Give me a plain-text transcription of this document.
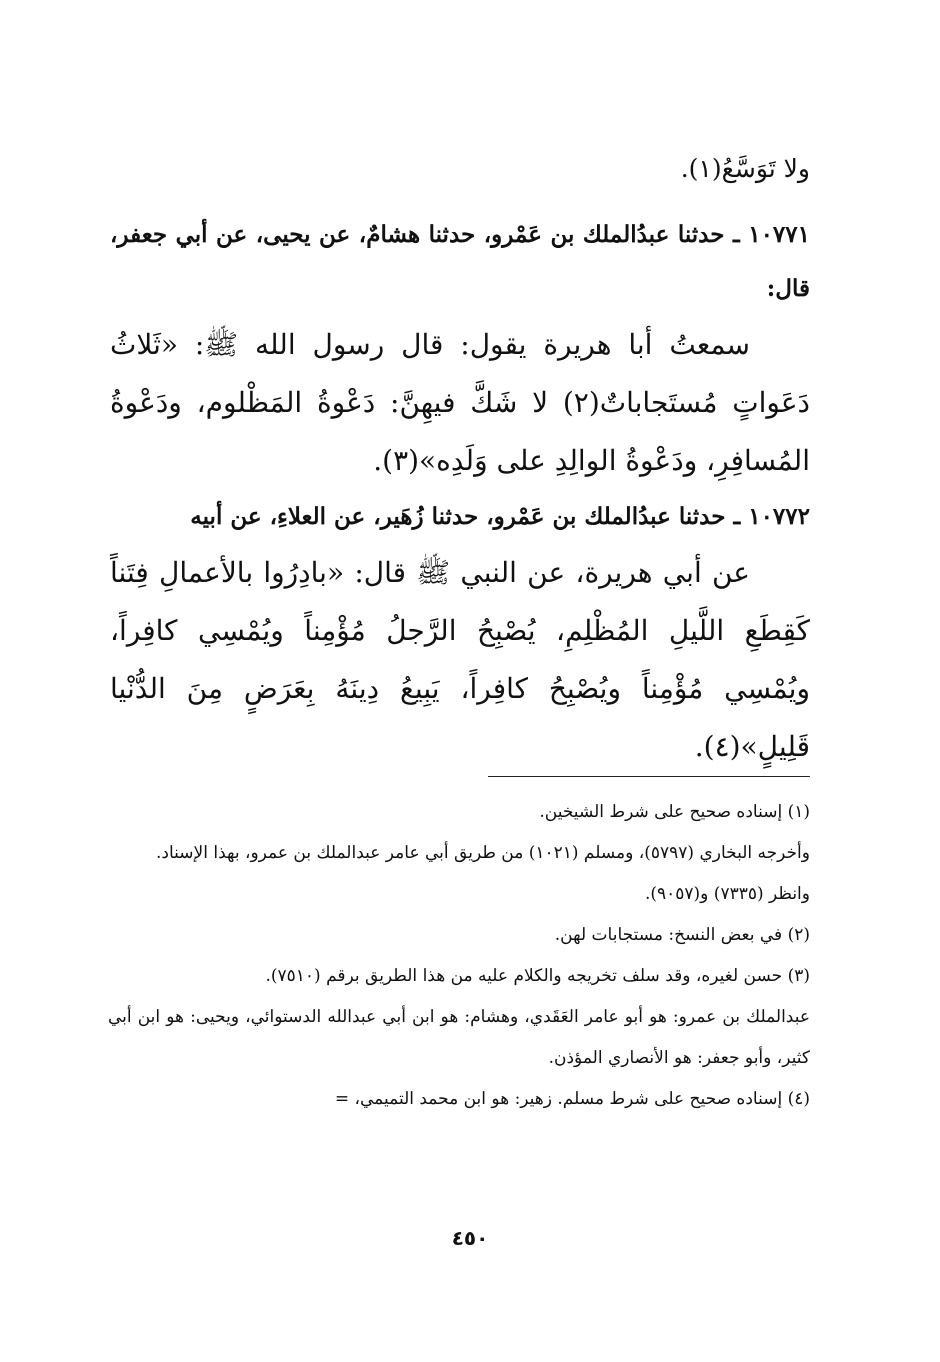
ولا تَوَسَّعُ(١).

١٠٧٧١ ـ حدثنا عبدُالملك بن عَمْرو، حدثنا هشامٌ، عن يحيى، عن أبي جعفر، قال:

سمعتُ أبا هريرة يقول: قال رسول الله ﷺ: «ثَلاثُ دَعَواتٍ مُستَجاباتٌ(٢) لا شَكَّ فيهِنَّ: دَعْوةُ المَظْلوم، ودَعْوةُ المُسافِرِ، ودَعْوةُ الوالِدِ على وَلَدِه»(٣).

١٠٧٧٢ ـ حدثنا عبدُالملك بن عَمْرو، حدثنا زُهَير، عن العلاءِ، عن أبيه

عن أبي هريرة، عن النبي ﷺ قال: «بادِرُوا بالأعمالِ فِتَناً كَقِطَعِ اللَّيلِ المُظْلِمِ، يُصْبِحُ الرَّجلُ مُؤْمِناً ويُمْسِي كافِراً، ويُمْسِي مُؤْمِناً ويُصْبِحُ كافِراً، يَبِيعُ دِينَهُ بِعَرَضٍ مِنَ الدُّنْيا قَلِيلٍ»(٤).

(١) إسناده صحيح على شرط الشيخين.

وأخرجه البخاري (٥٧٩٧)، ومسلم (١٠٢١) من طريق أبي عامر عبدالملك بن عمرو، بهذا الإسناد.

وانظر (٧٣٣٥) و(٩٠٥٧).

(٢) في بعض النسخ: مستجابات لهن.

(٣) حسن لغيره، وقد سلف تخريجه والكلام عليه من هذا الطريق برقم (٧٥١٠).

عبدالملك بن عمرو: هو أبو عامر العَقَدي، وهشام: هو ابن أبي عبدالله الدستوائي، ويحيى: هو ابن أبي كثير، وأبو جعفر: هو الأنصاري المؤذن.

(٤) إسناده صحيح على شرط مسلم. زهير: هو ابن محمد التميمي، =

٤٥٠
